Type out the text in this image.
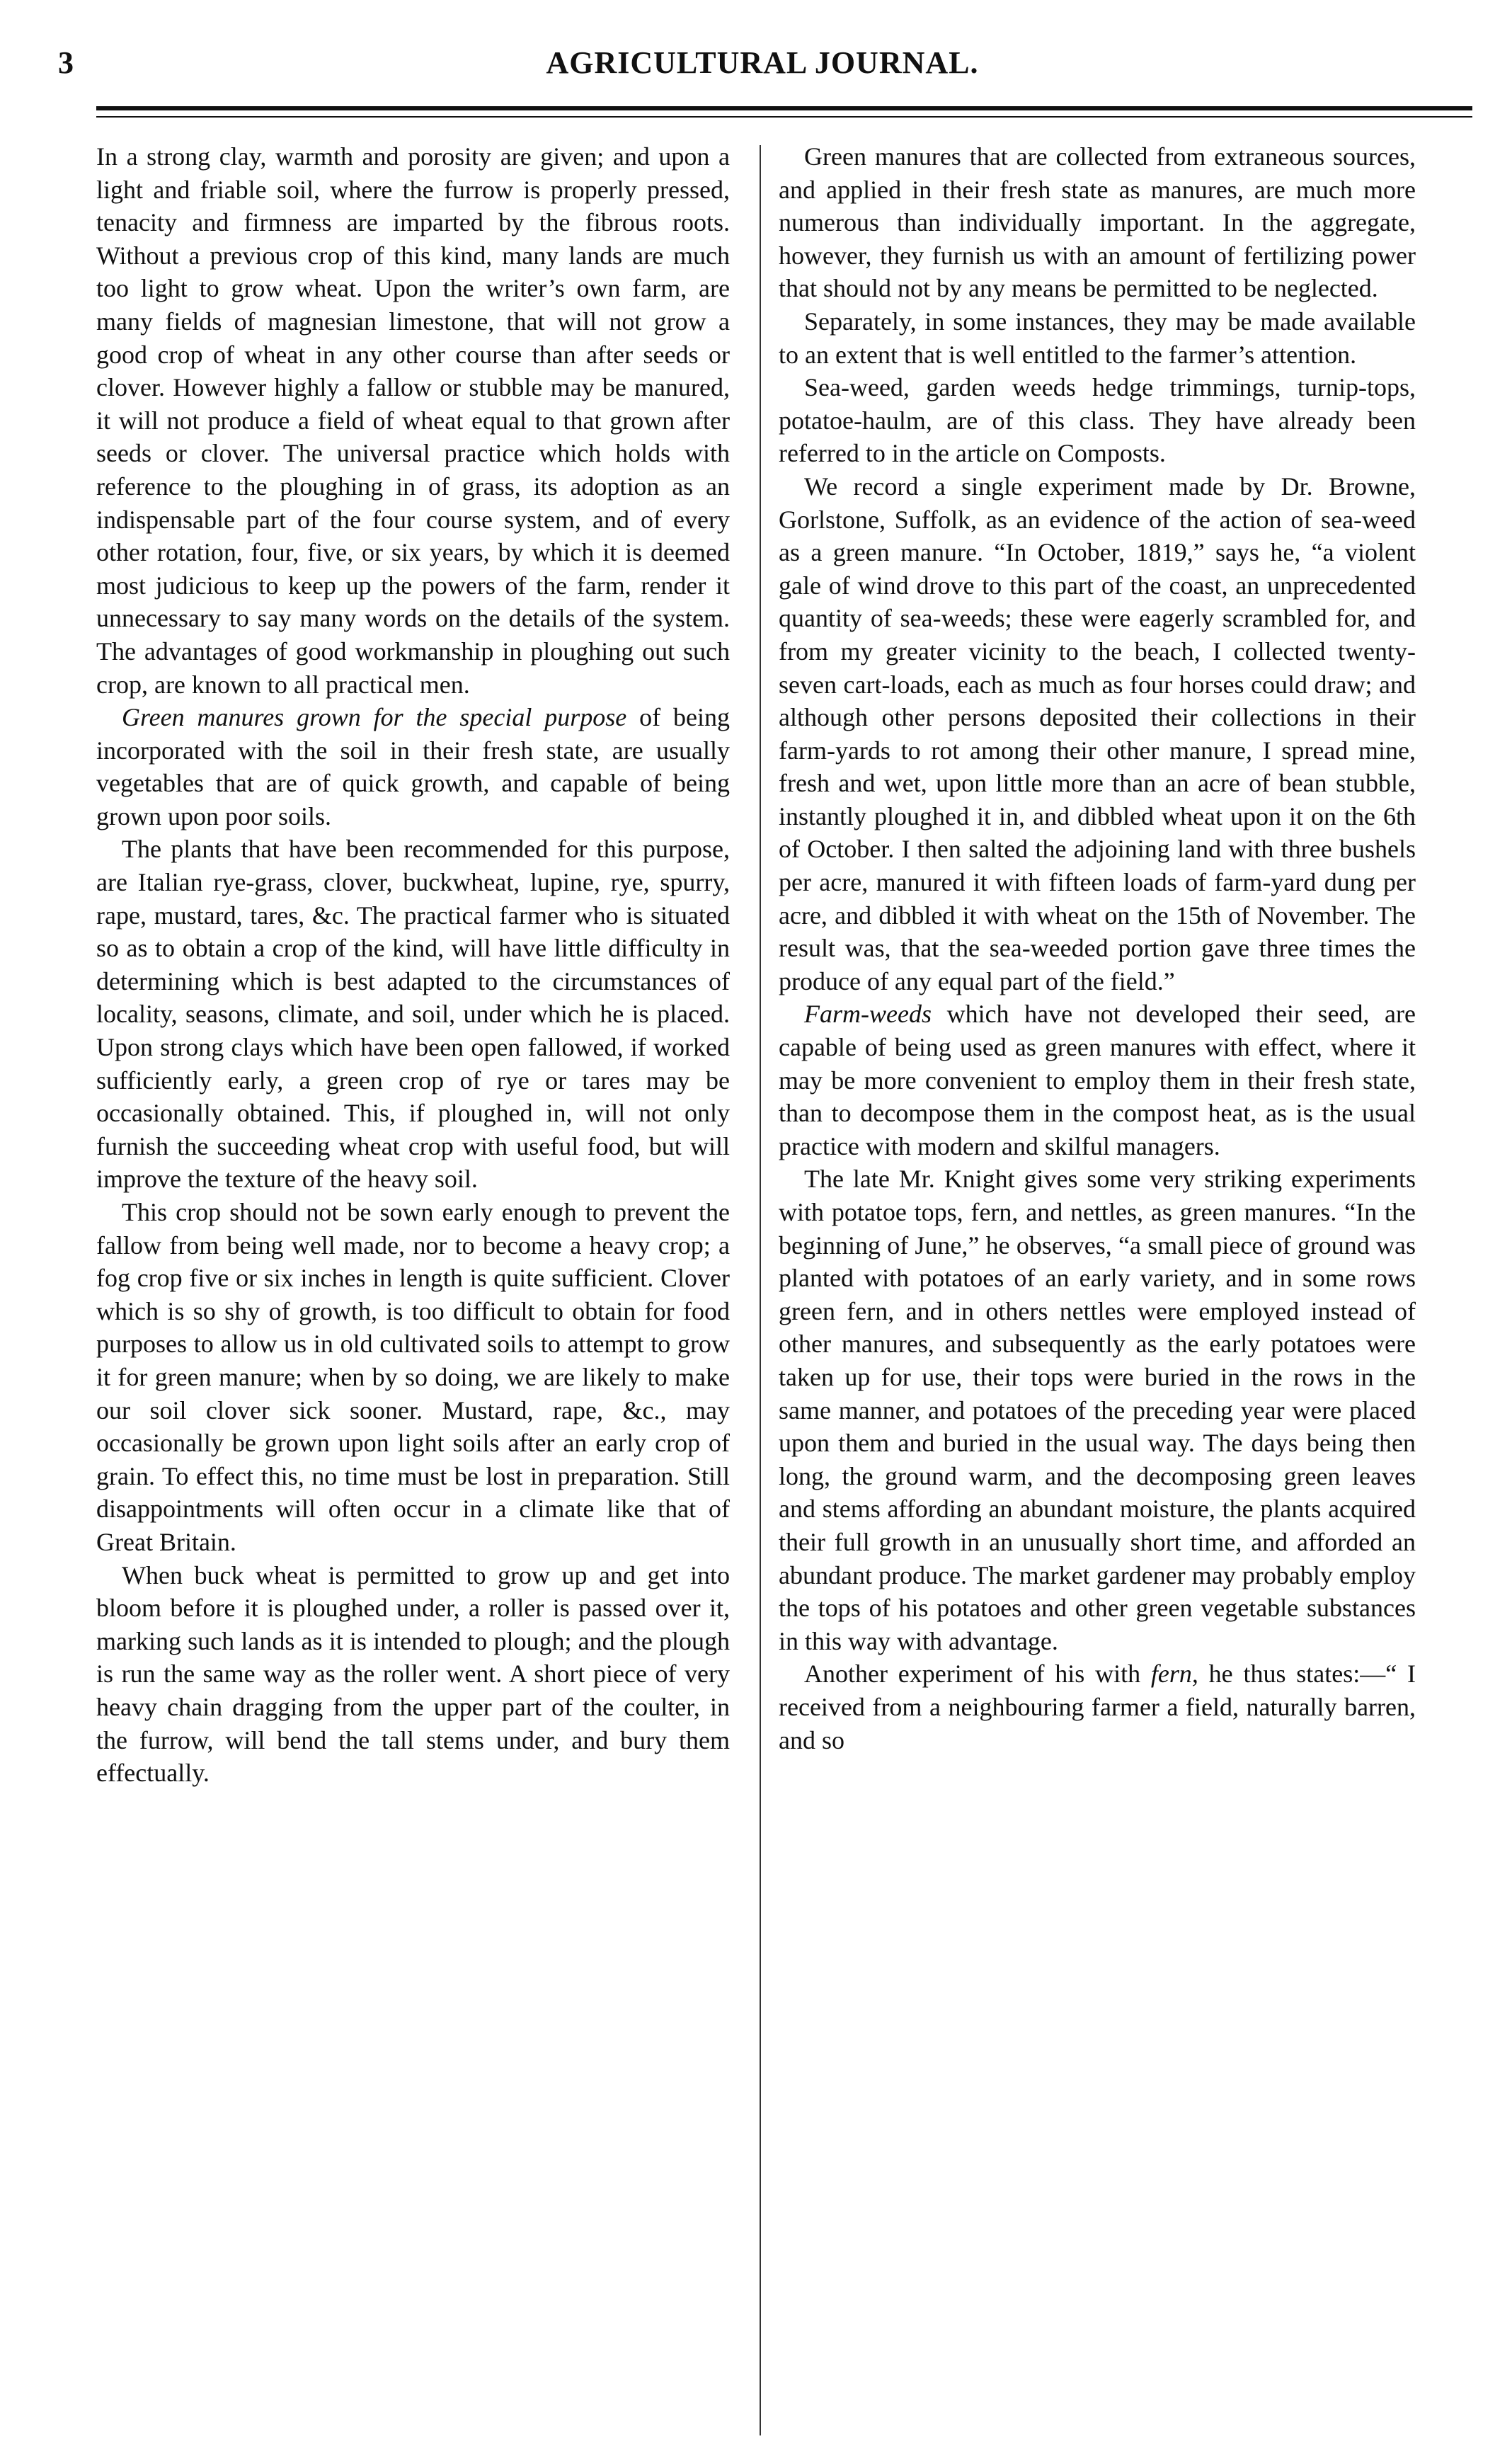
3	AGRICULTURAL JOURNAL.

In a strong clay, warmth and porosity are given; and upon a light and friable soil, where the furrow is properly pressed, tenacity and firmness are imparted by the fibrous roots. Without a previous crop of this kind, many lands are much too light to grow wheat. Upon the writer’s own farm, are many fields of magnesian limestone, that will not grow a good crop of wheat in any other course than after seeds or clover. However highly a fallow or stubble may be manured, it will not produce a field of wheat equal to that grown after seeds or clover. The universal practice which holds with reference to the ploughing in of grass, its adoption as an indispensable part of the four course system, and of every other rotation, four, five, or six years, by which it is deemed most judicious to keep up the powers of the farm, render it unnecessary to say many words on the details of the system. The advantages of good workmanship in ploughing out such crop, are known to all practical men.

Green manures grown for the special purpose of being incorporated with the soil in their fresh state, are usually vegetables that are of quick growth, and capable of being grown upon poor soils.

The plants that have been recommended for this purpose, are Italian rye-grass, clover, buckwheat, lupine, rye, spurry, rape, mustard, tares, &c. The practical farmer who is situated so as to obtain a crop of the kind, will have little difficulty in determining which is best adapted to the circumstances of locality, seasons, climate, and soil, under which he is placed. Upon strong clays which have been open fallowed, if worked sufficiently early, a green crop of rye or tares may be occasionally obtained. This, if ploughed in, will not only furnish the succeeding wheat crop with useful food, but will improve the texture of the heavy soil.

This crop should not be sown early enough to prevent the fallow from being well made, nor to become a heavy crop; a fog crop five or six inches in length is quite sufficient. Clover which is so shy of growth, is too difficult to obtain for food purposes to allow us in old cultivated soils to attempt to grow it for green manure; when by so doing, we are likely to make our soil clover sick sooner. Mustard, rape, &c., may occasionally be grown upon light soils after an early crop of grain. To effect this, no time must be lost in preparation. Still disappointments will often occur in a climate like that of Great Britain.

When buck wheat is permitted to grow up and get into bloom before it is ploughed under, a roller is passed over it, marking such lands as it is intended to plough; and the plough is run the same way as the roller went. A short piece of very heavy chain dragging from the upper part of the coulter, in the furrow, will bend the tall stems under, and bury them effectually.

Green manures that are collected from extraneous sources, and applied in their fresh state as manures, are much more numerous than individually important. In the aggregate, however, they furnish us with an amount of fertilizing power that should not by any means be permitted to be neglected.

Separately, in some instances, they may be made available to an extent that is well entitled to the farmer’s attention.

Sea-weed, garden weeds hedge trimmings, turnip-tops, potatoe-haulm, are of this class. They have already been referred to in the article on Composts.

We record a single experiment made by Dr. Browne, Gorlstone, Suffolk, as an evidence of the action of sea-weed as a green manure. “In October, 1819,” says he, “a violent gale of wind drove to this part of the coast, an unprecedented quantity of sea-weeds; these were eagerly scrambled for, and from my greater vicinity to the beach, I collected twenty-seven cart-loads, each as much as four horses could draw; and although other persons deposited their collections in their farm-yards to rot among their other manure, I spread mine, fresh and wet, upon little more than an acre of bean stubble, instantly ploughed it in, and dibbled wheat upon it on the 6th of October. I then salted the adjoining land with three bushels per acre, manured it with fifteen loads of farm-yard dung per acre, and dibbled it with wheat on the 15th of November. The result was, that the sea-weeded portion gave three times the produce of any equal part of the field.”

Farm-weeds which have not developed their seed, are capable of being used as green manures with effect, where it may be more convenient to employ them in their fresh state, than to decompose them in the compost heat, as is the usual practice with modern and skilful managers.

The late Mr. Knight gives some very striking experiments with potatoe tops, fern, and nettles, as green manures. “In the beginning of June,” he observes, “a small piece of ground was planted with potatoes of an early variety, and in some rows green fern, and in others nettles were employed instead of other manures, and subsequently as the early potatoes were taken up for use, their tops were buried in the rows in the same manner, and potatoes of the preceding year were placed upon them and buried in the usual way. The days being then long, the ground warm, and the decomposing green leaves and stems affording an abundant moisture, the plants acquired their full growth in an unusually short time, and afforded an abundant produce. The market gardener may probably employ the tops of his potatoes and other green vegetable substances in this way with advantage.

Another experiment of his with fern, he thus states:—“ I received from a neighbouring farmer a field, naturally barren, and so
